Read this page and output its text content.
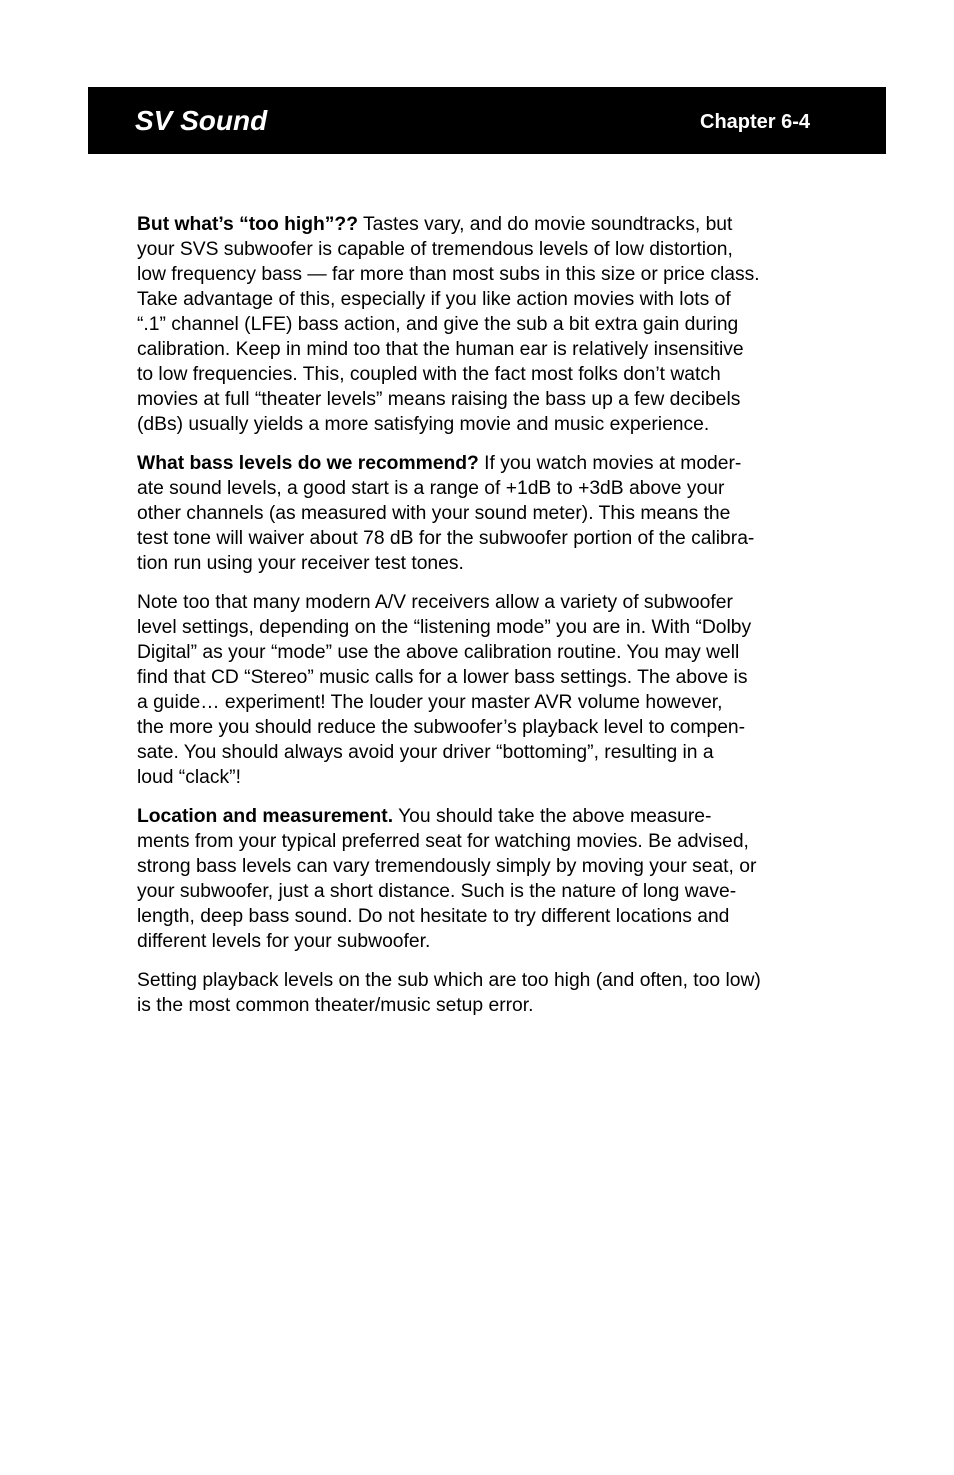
SV Sound	Chapter 6-4

But what’s “too high”?? Tastes vary, and do movie soundtracks, but
your SVS subwoofer is capable of tremendous levels of low distortion,
low frequency bass — far more than most subs in this size or price class.
Take advantage of this, especially if you like action movies with lots of
“.1” channel (LFE) bass action, and give the sub a bit extra gain during
calibration. Keep in mind too that the human ear is relatively insensitive
to low frequencies. This, coupled with the fact most folks don’t watch
movies at full “theater levels” means raising the bass up a few decibels
(dBs) usually yields a more satisfying movie and music experience.

What bass levels do we recommend? If you watch movies at moder-
ate sound levels, a good start is a range of +1dB to +3dB above your
other channels (as measured with your sound meter). This means the
test tone will waiver about 78 dB for the subwoofer portion of the calibra-
tion run using your receiver test tones.

Note too that many modern A/V receivers allow a variety of subwoofer
level settings, depending on the “listening mode” you are in. With “Dolby
Digital” as your “mode” use the above calibration routine. You may well
find that CD “Stereo” music calls for a lower bass settings. The above is
a guide… experiment! The louder your master AVR volume however,
the more you should reduce the subwoofer’s playback level to compen-
sate. You should always avoid your driver “bottoming”, resulting in a
loud “clack”!

Location and measurement. You should take the above measure-
ments from your typical preferred seat for watching movies. Be advised,
strong bass levels can vary tremendously simply by moving your seat, or
your subwoofer, just a short distance. Such is the nature of long wave-
length, deep bass sound. Do not hesitate to try different locations and
different levels for your subwoofer.

Setting playback levels on the sub which are too high (and often, too low)
is the most common theater/music setup error.
